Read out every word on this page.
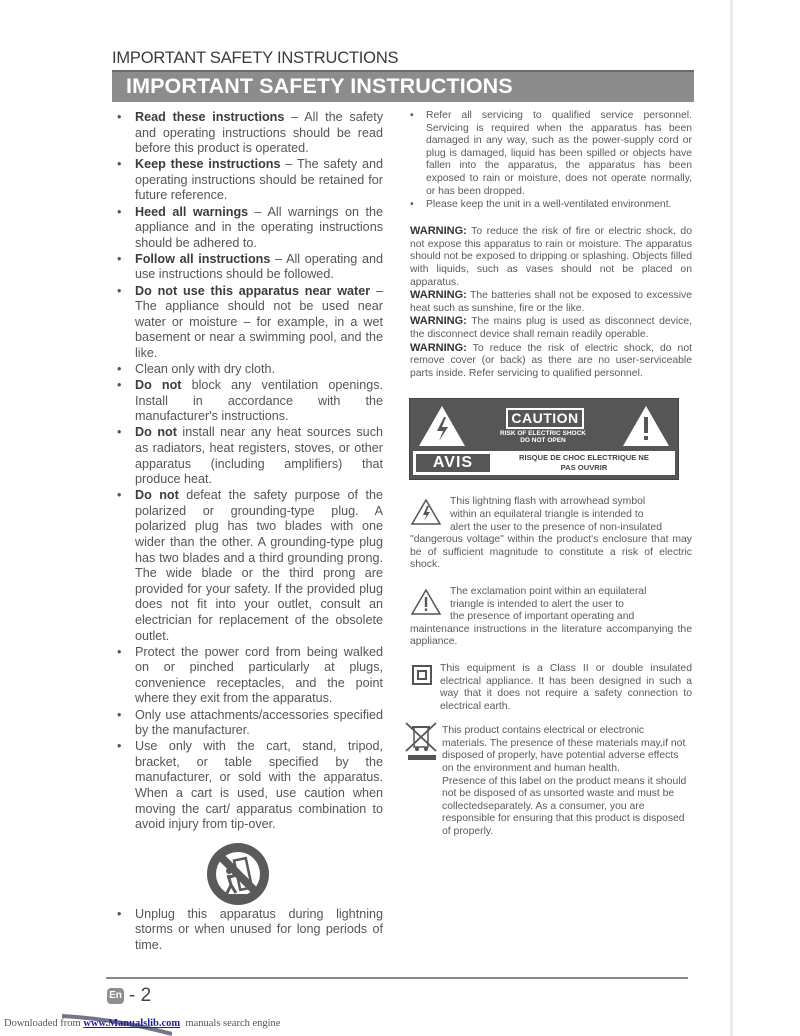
IMPORTANT SAFETY INSTRUCTIONS
IMPORTANT SAFETY INSTRUCTIONS
• Read these instructions – All the safety and operating instructions should be read before this product is operated.
• Keep these instructions – The safety and operating instructions should be retained for future reference.
• Heed all warnings – All warnings on the appliance and in the operating instructions should be adhered to.
• Follow all instructions – All operating and use instructions should be followed.
• Do not use this apparatus near water – The appliance should not be used near water or moisture – for example, in a wet basement or near a swimming pool, and the like.
• Clean only with dry cloth.
• Do not block any ventilation openings. Install in accordance with the manufacturer's instructions.
• Do not install near any heat sources such as radiators, heat registers, stoves, or other apparatus (including amplifiers) that produce heat.
• Do not defeat the safety purpose of the polarized or grounding-type plug. A polarized plug has two blades with one wider than the other. A grounding-type plug has two blades and a third grounding prong. The wide blade or the third prong are provided for your safety. If the provided plug does not fit into your outlet, consult an electrician for replacement of the obsolete outlet.
• Protect the power cord from being walked on or pinched particularly at plugs, convenience receptacles, and the point where they exit from the apparatus.
• Only use attachments/accessories specified by the manufacturer.
• Use only with the cart, stand, tripod, bracket, or table specified by the manufacturer, or sold with the apparatus. When a cart is used, use caution when moving the cart/ apparatus combination to avoid injury from tip-over.
• Unplug this apparatus during lightning storms or when unused for long periods of time.
• Refer all servicing to qualified service personnel. Servicing is required when the apparatus has been damaged in any way, such as the power-supply cord or plug is damaged, liquid has been spilled or objects have fallen into the apparatus, the apparatus has been exposed to rain or moisture, does not operate normally, or has been dropped.
• Please keep the unit in a well-ventilated environment.

WARNING: To reduce the risk of fire or electric shock, do not expose this apparatus to rain or moisture. The apparatus should not be exposed to dripping or splashing. Objects filled with liquids, such as vases should not be placed on apparatus.

WARNING: The batteries shall not be exposed to excessive heat such as sunshine, fire or the like.

WARNING: The mains plug is used as disconnect device, the disconnect device shall remain readily operable.

WARNING: To reduce the risk of electric shock, do not remove cover (or back) as there are no user-serviceable parts inside. Refer servicing to qualified personnel.

CAUTION
RISK OF ELECTRIC SHOCK
DO NOT OPEN
AVIS	RISQUE DE CHOC ELECTRIQUE NE
PAS OUVRIR
This lightning flash with arrowhead symbol
within an equilateral triangle is intended to
alert the user to the presence of non-insulated
"dangerous voltage" within the product's enclosure that may be of sufficient magnitude to constitute a risk of electric shock.
The exclamation point within an equilateral
triangle is intended to alert the user to
the presence of important operating and
maintenance instructions in the literature accompanying the appliance.
This equipment is a Class II or double insulated electrical appliance. It has been designed in such a way that it does not require a safety connection to electrical earth.

This product contains electrical or electronic materials. The presence of these materials may,if not disposed of properly, have potential adverse effects on the environment and human health.

Presence of this label on the product means it should not be disposed of as unsorted waste and must be collectedseparately. As a consumer, you are responsible for ensuring that this product is disposed of properly.

En - 2
Downloaded from www.Manualslib.com  manuals search engine
